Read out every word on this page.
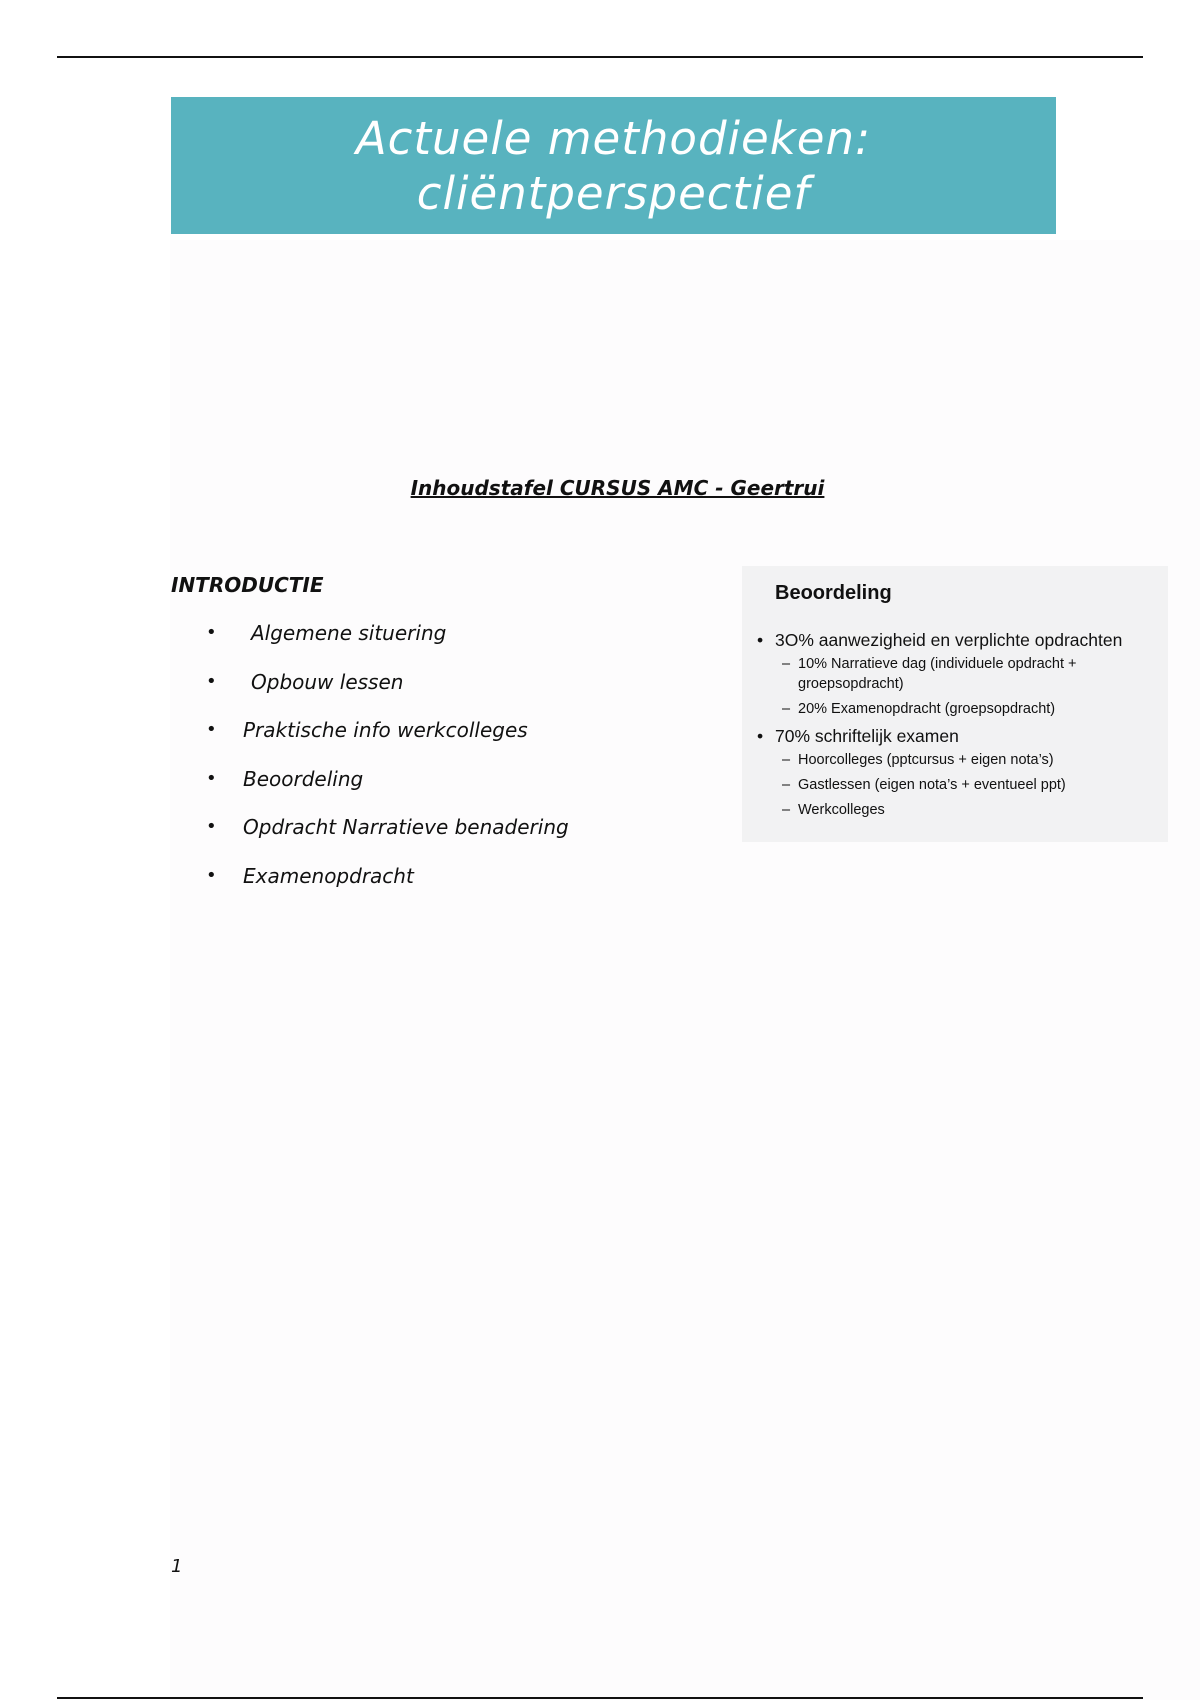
Actuele methodieken:
cliëntperspectief
Inhoudstafel CURSUS AMC - Geertrui
INTRODUCTIE
• Algemene situering
• Opbouw lessen
• Praktische info werkcolleges
• Beoordeling
• Opdracht Narratieve benadering
• Examenopdracht
Beoordeling
• 3O% aanwezigheid en verplichte opdrachten
– 10% Narratieve dag (individuele opdracht + groepsopdracht)
– 20% Examenopdracht (groepsopdracht)
• 70% schriftelijk examen
– Hoorcolleges (pptcursus + eigen nota’s)
– Gastlessen (eigen nota’s + eventueel ppt)
– Werkcolleges
1
